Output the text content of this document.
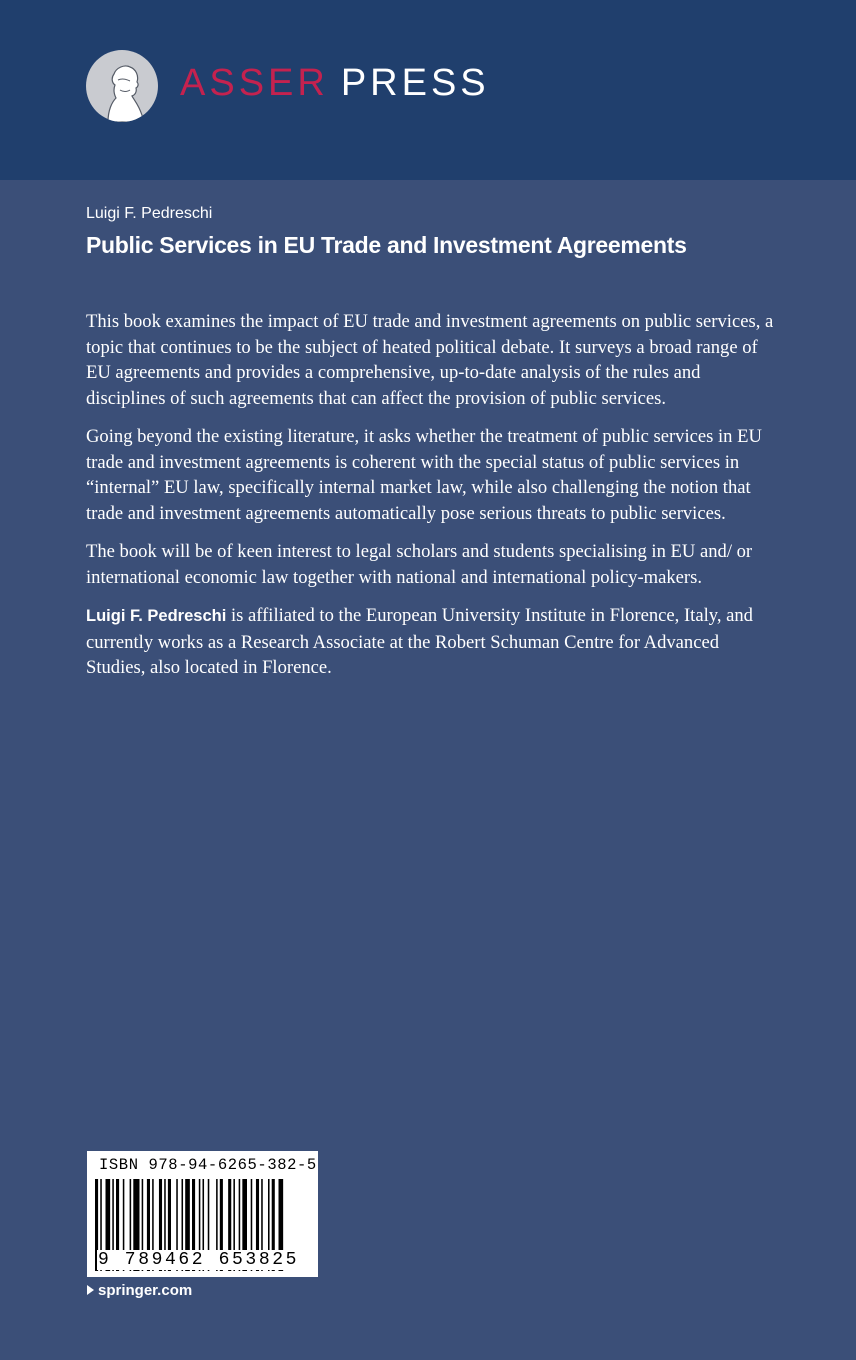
ASSER PRESS
Luigi F. Pedreschi
Public Services in EU Trade and Investment Agreements

This book examines the impact of EU trade and investment agreements on public services, a topic that continues to be the subject of heated political debate. It surveys a broad range of EU agreements and provides a comprehensive, up-to-date analysis of the rules and disciplines of such agreements that can affect the provision of public services.

Going beyond the existing literature, it asks whether the treatment of public services in EU trade and investment agreements is coherent with the special status of public services in “internal” EU law, specifically internal market law, while also challenging the notion that trade and investment agreements automatically pose serious threats to public services.

The book will be of keen interest to legal scholars and students specialising in EU and/ or international economic law together with national and international policy-makers.

Luigi F. Pedreschi is affiliated to the European University Institute in Florence, Italy, and currently works as a Research Associate at the Robert Schuman Centre for Advanced Studies, also located in Florence.

ISBN 978-94-6265-382-5
9 789462 653825
springer.com
